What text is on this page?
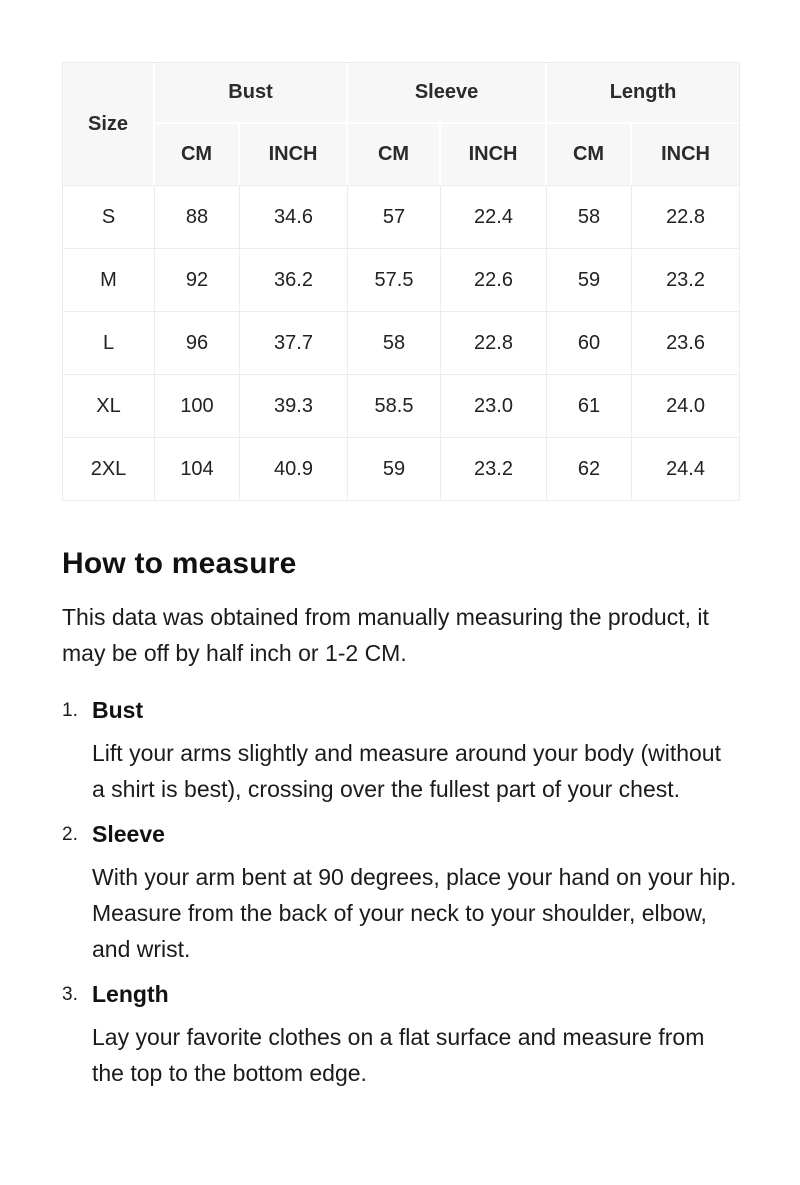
Size	Bust		Sleeve		Length	
	CM	INCH	CM	INCH	CM	INCH
S	88	34.6	57	22.4	58	22.8
M	92	36.2	57.5	22.6	59	23.2
L	96	37.7	58	22.8	60	23.6
XL	100	39.3	58.5	23.0	61	24.0
2XL	104	40.9	59	23.2	62	24.4
How to measure

This data was obtained from manually measuring the product, it may be off by half inch or 1-2 CM.

1. Bust
Lift your arms slightly and measure around your body (without a shirt is best), crossing over the fullest part of your chest.
2. Sleeve
With your arm bent at 90 degrees, place your hand on your hip. Measure from the back of your neck to your shoulder, elbow, and wrist.
3. Length
Lay your favorite clothes on a flat surface and measure from the top to the bottom edge.
